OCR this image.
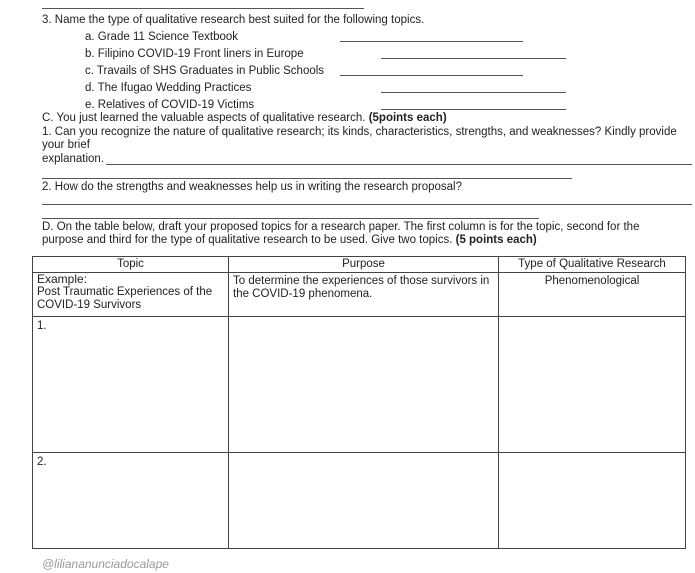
3. Name the type of qualitative research best suited for the following topics.
a. Grade 11 Science Textbook
b. Filipino COVID-19 Front liners in Europe
c. Travails of SHS Graduates in Public Schools
d. The Ifugao Wedding Practices
e. Relatives of COVID-19 Victims
C. You just learned the valuable aspects of qualitative research. (5points each)
1. Can you recognize the nature of qualitative research; its kinds, characteristics, strengths, and weaknesses? Kindly provide
your brief
explanation.
2. How do the strengths and weaknesses help us in writing the research proposal?
D. On the table below, draft your proposed topics for a research paper. The first column is for the topic, second for the
purpose and third for the type of qualitative research to be used. Give two topics. (5 points each)
Topic	Purpose	Type of Qualitative Research

Example:
Post Traumatic Experiences of the COVID-19 Survivors	To determine the experiences of those survivors in the COVID-19 phenomena.	Phenomenological

1.		
2.		
@liliananunciadocalape
